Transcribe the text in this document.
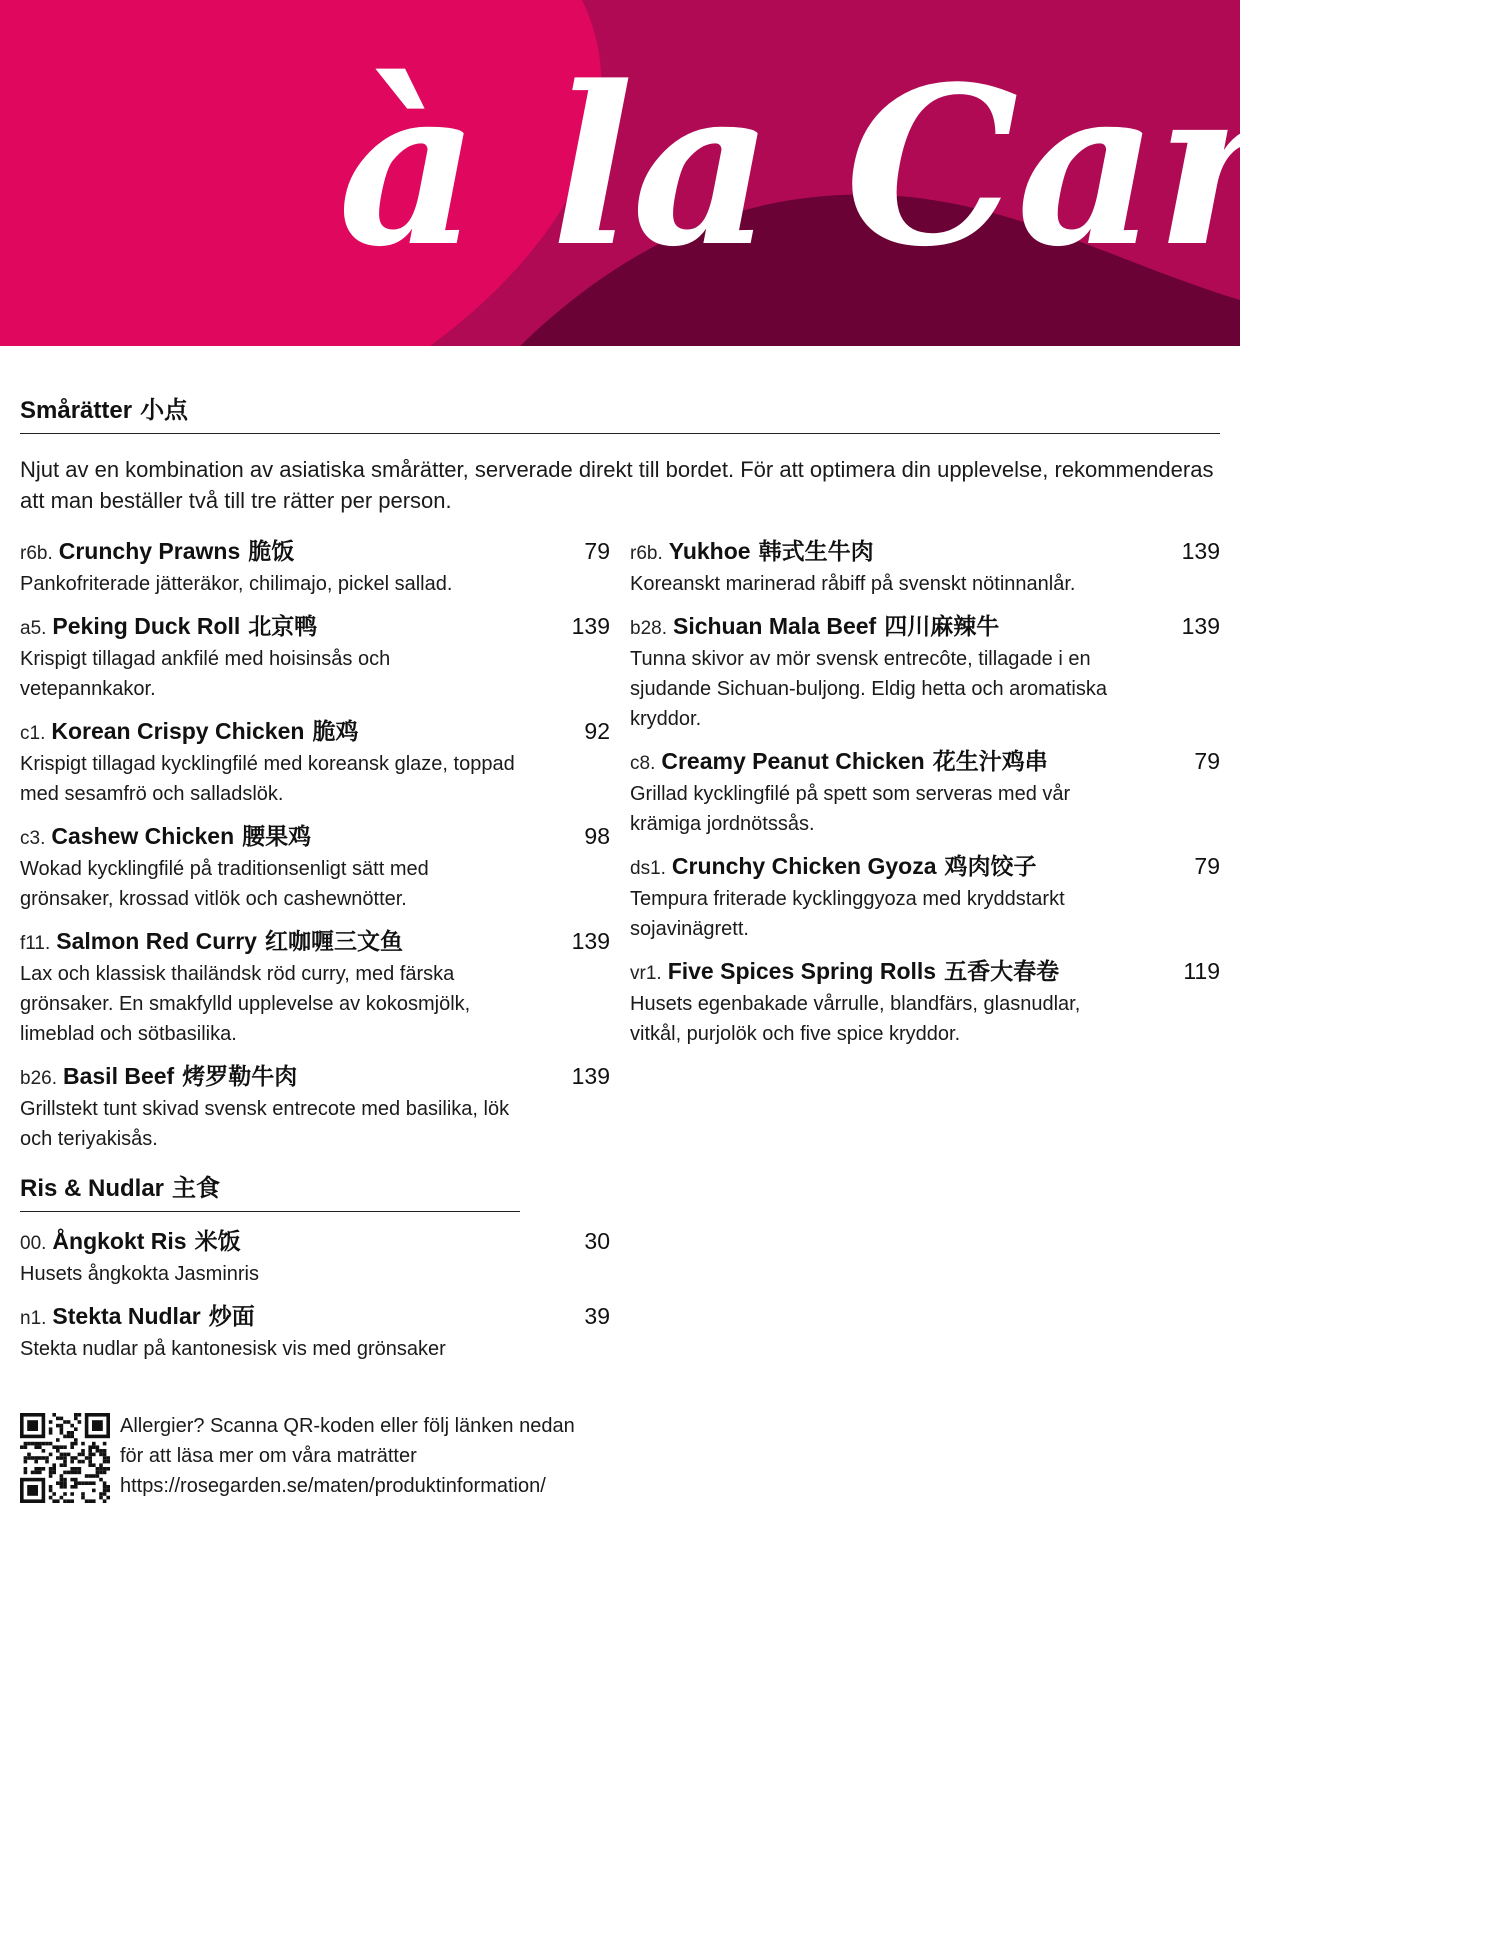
à la Carte
Smårätter 小点

Njut av en kombination av asiatiska smårätter, serverade direkt till bordet. För att optimera din upplevelse, rekommenderas att man beställer två till tre rätter per person.

r6b. Crunchy Prawns 脆饭	79
Pankofriterade jätteräkor, chilimajo, pickel sallad.
a5. Peking Duck Roll 北京鸭	139
Krispigt tillagad ankfilé med hoisinsås och vetepannkakor.
c1. Korean Crispy Chicken 脆鸡	92
Krispigt tillagad kycklingfilé med koreansk glaze, toppad med sesamfrö och salladslök.
c3. Cashew Chicken 腰果鸡	98
Wokad kycklingfilé på traditionsenligt sätt med grönsaker, krossad vitlök och cashewnötter.
f11. Salmon Red Curry 红咖喱三文鱼	139
Lax och klassisk thailändsk röd curry, med färska grönsaker. En smakfylld upplevelse av kokosmjölk, limeblad och sötbasilika.
b26. Basil Beef 烤罗勒牛肉	139
Grillstekt tunt skivad svensk entrecote med basilika, lök och teriyakisås.
Ris & Nudlar 主食
00. Ångkokt Ris 米饭	30
Husets ångkokta Jasminris
n1. Stekta Nudlar 炒面	39
Stekta nudlar på kantonesisk vis med grönsaker
r6b. Yukhoe 韩式生牛肉	139
Koreanskt marinerad råbiff på svenskt nötinnanlår.
b28. Sichuan Mala Beef 四川麻辣牛	139
Tunna skivor av mör svensk entrecôte, tillagade i en sjudande Sichuan-buljong. Eldig hetta och aromatiska kryddor.
c8. Creamy Peanut Chicken 花生汁鸡串	79
Grillad kycklingfilé på spett som serveras med vår krämiga jordnötssås.
ds1. Crunchy Chicken Gyoza 鸡肉饺子	79
Tempura friterade kycklinggyoza med kryddstarkt sojavinägrett.
vr1. Five Spices Spring Rolls 五香大春卷	119
Husets egenbakade vårrulle, blandfärs, glasnudlar, vitkål, purjolök och five spice kryddor.
Allergier? Scanna QR-koden eller följ länken nedan
för att läsa mer om våra maträtter
https://rosegarden.se/maten/produktinformation/
